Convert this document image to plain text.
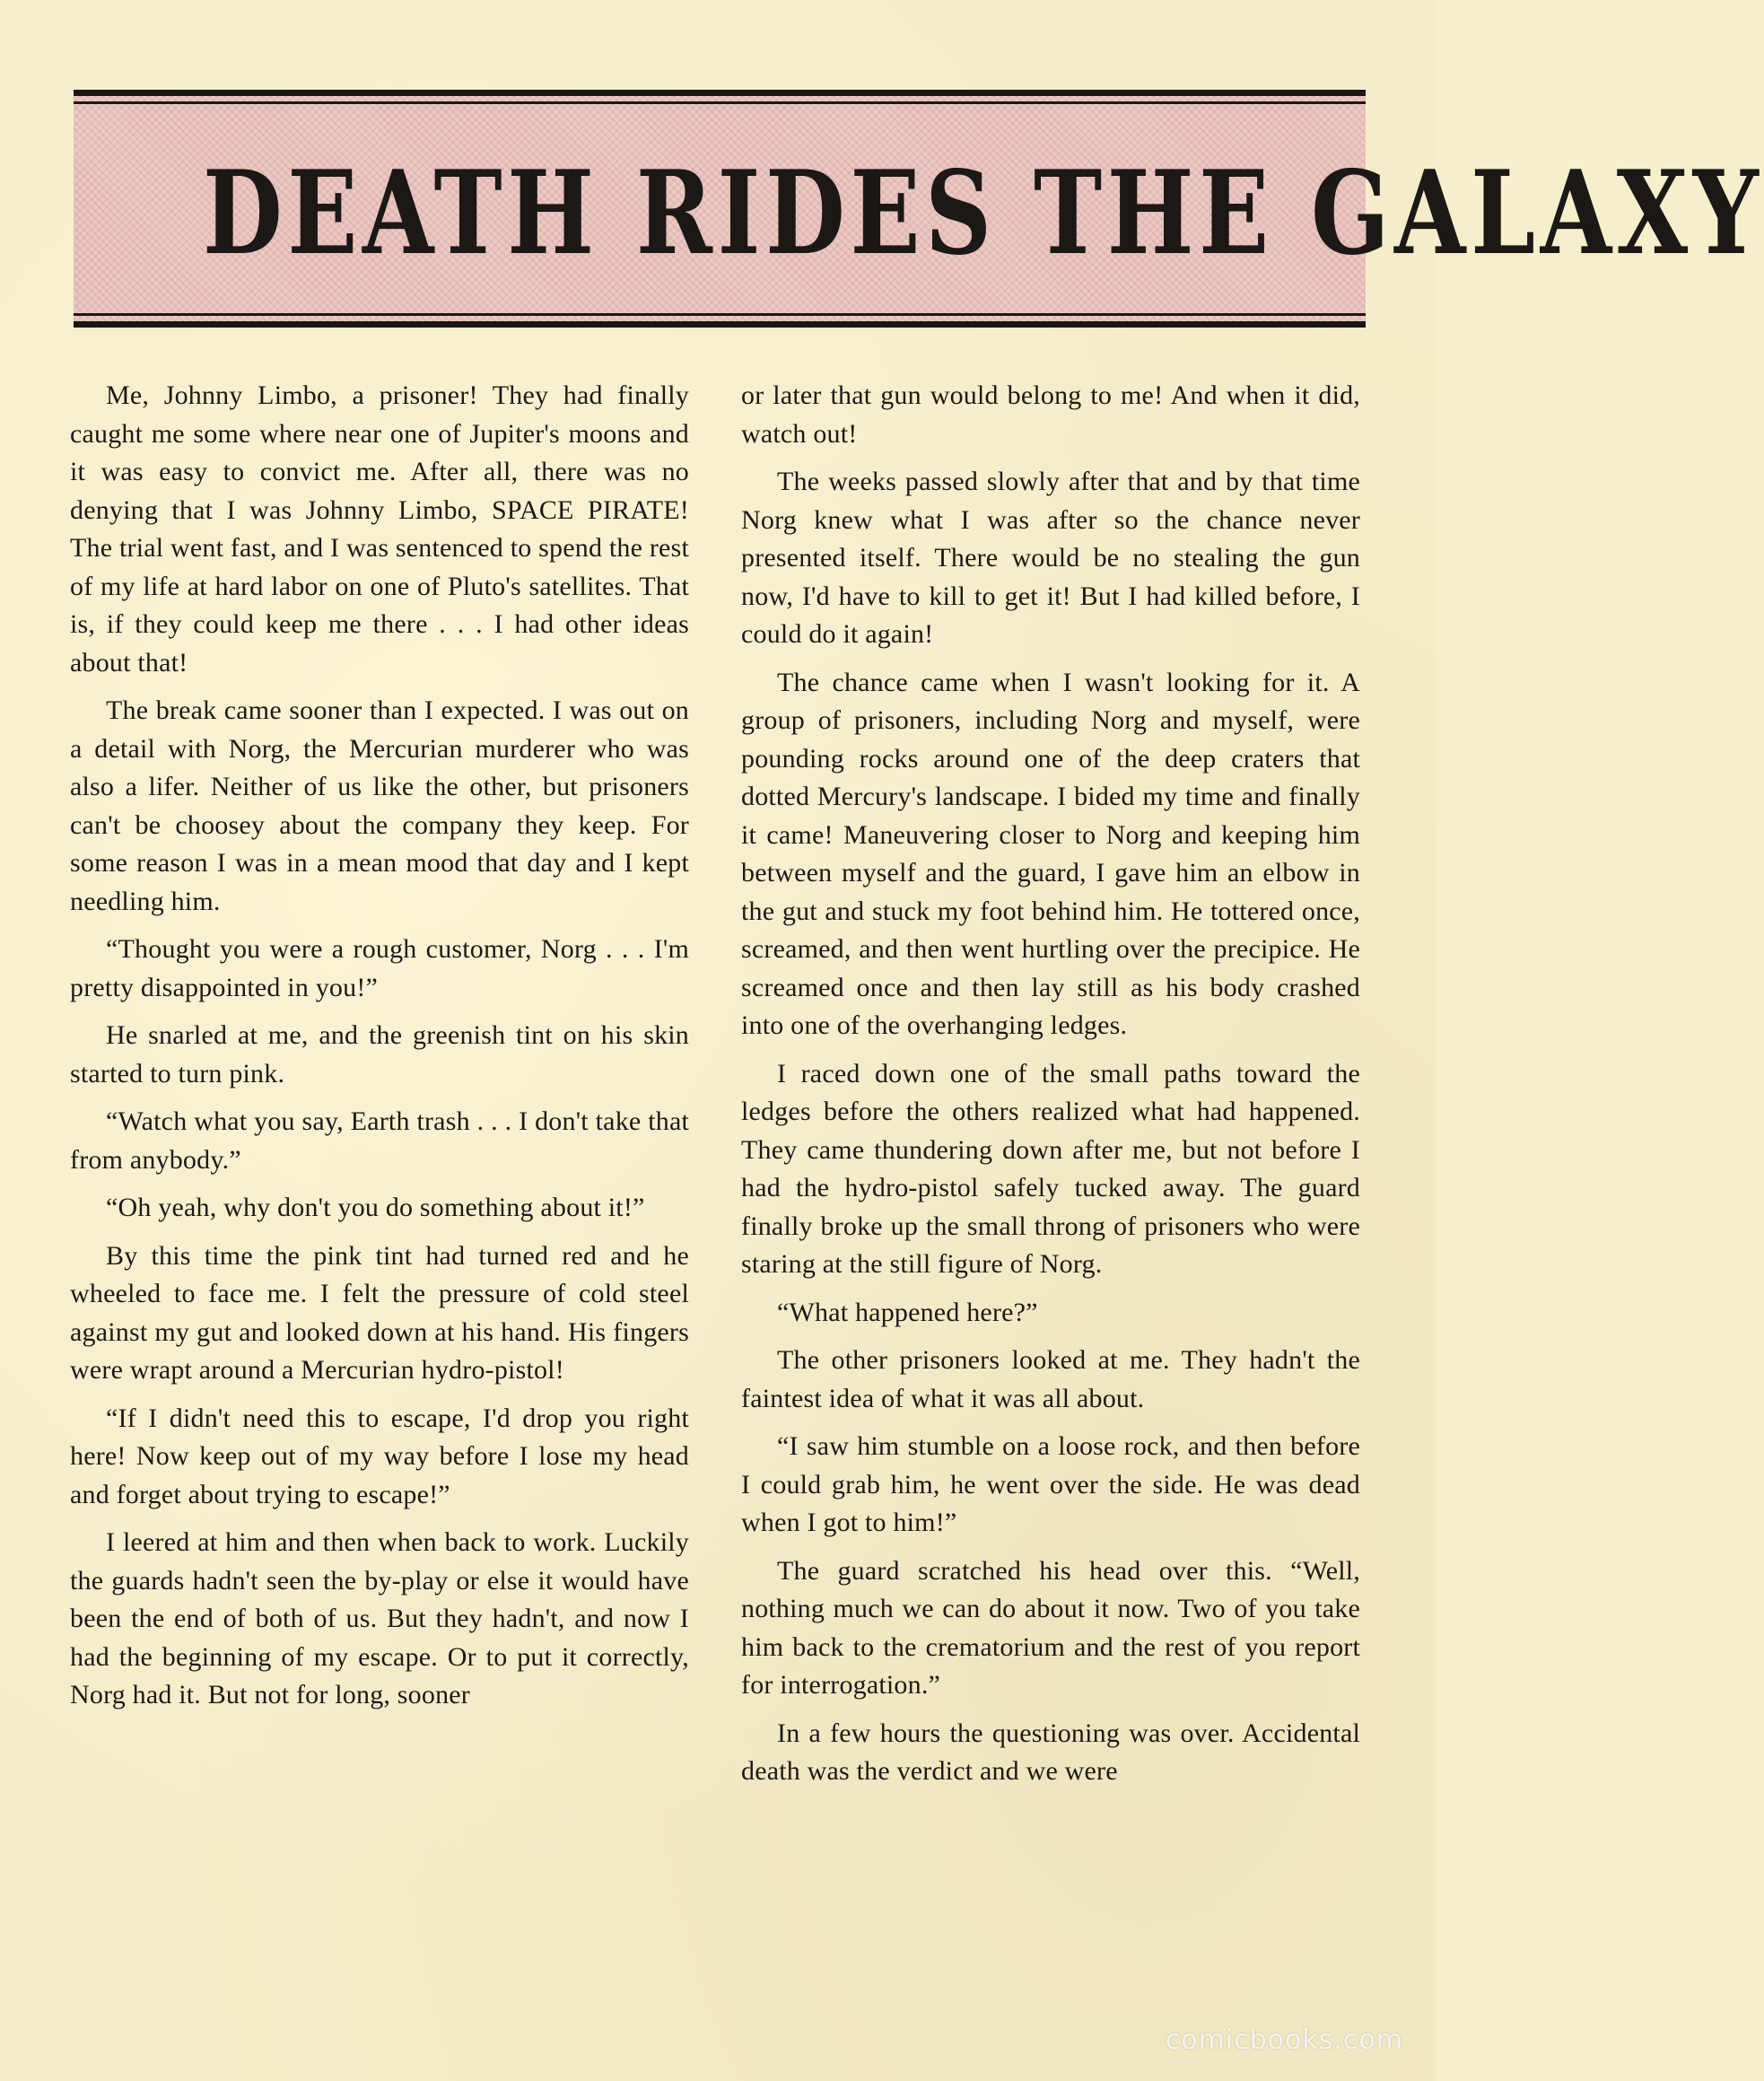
DEATH RIDES THE GALAXY

Me, Johnny Limbo, a prisoner! They had finally caught me some where near one of Jupiter's moons and it was easy to convict me. After all, there was no denying that I was Johnny Limbo, SPACE PIRATE! The trial went fast, and I was sentenced to spend the rest of my life at hard labor on one of Pluto's satellites. That is, if they could keep me there . . . I had other ideas about that!

The break came sooner than I expected. I was out on a detail with Norg, the Mercurian murderer who was also a lifer. Neither of us like the other, but prisoners can't be choosey about the company they keep. For some reason I was in a mean mood that day and I kept needling him.

“Thought you were a rough customer, Norg . . . I'm pretty disappointed in you!”

He snarled at me, and the greenish tint on his skin started to turn pink.

“Watch what you say, Earth trash . . . I don't take that from anybody.”

“Oh yeah, why don't you do something about it!”

By this time the pink tint had turned red and he wheeled to face me. I felt the pressure of cold steel against my gut and looked down at his hand. His fingers were wrapt around a Mercurian hydro-pistol!

“If I didn't need this to escape, I'd drop you right here! Now keep out of my way before I lose my head and forget about trying to escape!”

I leered at him and then when back to work. Luckily the guards hadn't seen the by-play or else it would have been the end of both of us. But they hadn't, and now I had the beginning of my escape. Or to put it correctly, Norg had it. But not for long, sooner

or later that gun would belong to me! And when it did, watch out!

The weeks passed slowly after that and by that time Norg knew what I was after so the chance never presented itself. There would be no stealing the gun now, I'd have to kill to get it! But I had killed before, I could do it again!

The chance came when I wasn't looking for it. A group of prisoners, including Norg and myself, were pounding rocks around one of the deep craters that dotted Mercury's landscape. I bided my time and finally it came! Maneuvering closer to Norg and keeping him between myself and the guard, I gave him an elbow in the gut and stuck my foot behind him. He tottered once, screamed, and then went hurtling over the precipice. He screamed once and then lay still as his body crashed into one of the overhanging ledges.

I raced down one of the small paths toward the ledges before the others realized what had happened. They came thundering down after me, but not before I had the hydro-pistol safely tucked away. The guard finally broke up the small throng of prisoners who were staring at the still figure of Norg.

“What happened here?”

The other prisoners looked at me. They hadn't the faintest idea of what it was all about.

“I saw him stumble on a loose rock, and then before I could grab him, he went over the side. He was dead when I got to him!”

The guard scratched his head over this. “Well, nothing much we can do about it now. Two of you take him back to the crematorium and the rest of you report for interrogation.”

In a few hours the questioning was over. Accidental death was the verdict and we were

comicbooks.com
